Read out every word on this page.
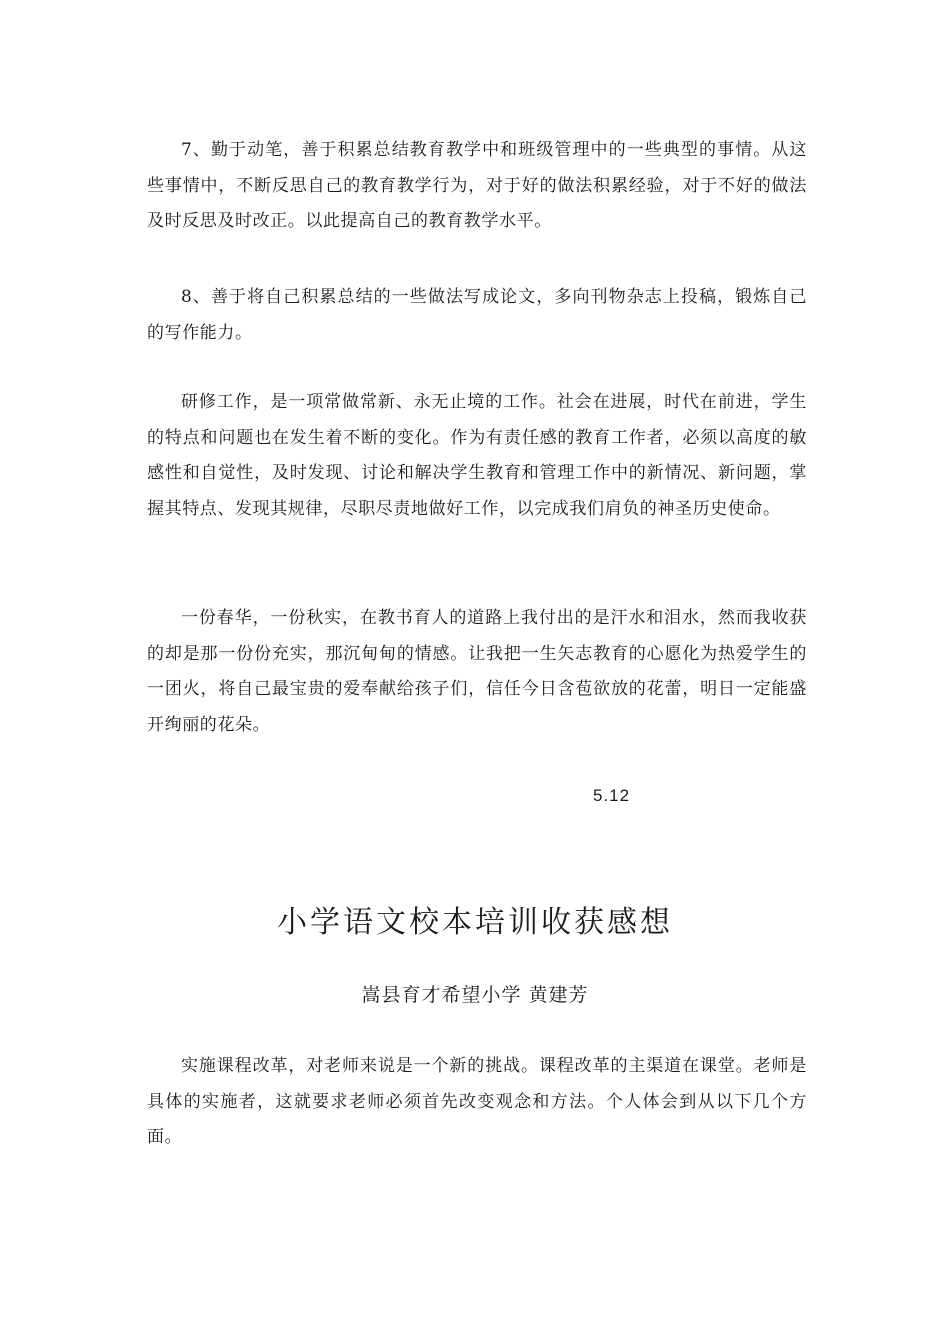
7、勤于动笔，善于积累总结教育教学中和班级管理中的一些典型的事情。从这些事情中，不断反思自己的教育教学行为，对于好的做法积累经验，对于不好的做法及时反思及时改正。以此提高自己的教育教学水平。

8、善于将自己积累总结的一些做法写成论文，多向刊物杂志上投稿，锻炼自己的写作能力。

研修工作，是一项常做常新、永无止境的工作。社会在进展，时代在前进，学生的特点和问题也在发生着不断的变化。作为有责任感的教育工作者，必须以高度的敏感性和自觉性，及时发现、讨论和解决学生教育和管理工作中的新情况、新问题，掌握其特点、发现其规律，尽职尽责地做好工作，以完成我们肩负的神圣历史使命。

一份春华，一份秋实，在教书育人的道路上我付出的是汗水和泪水，然而我收获的却是那一份份充实，那沉甸甸的情感。让我把一生矢志教育的心愿化为热爱学生的一团火，将自己最宝贵的爱奉献给孩子们，信任今日含苞欲放的花蕾，明日一定能盛开绚丽的花朵。

5.12

小学语文校本培训收获感想

嵩县育才希望小学 黄建芳

实施课程改革，对老师来说是一个新的挑战。课程改革的主渠道在课堂。老师是具体的实施者，这就要求老师必须首先改变观念和方法。个人体会到从以下几个方面。
